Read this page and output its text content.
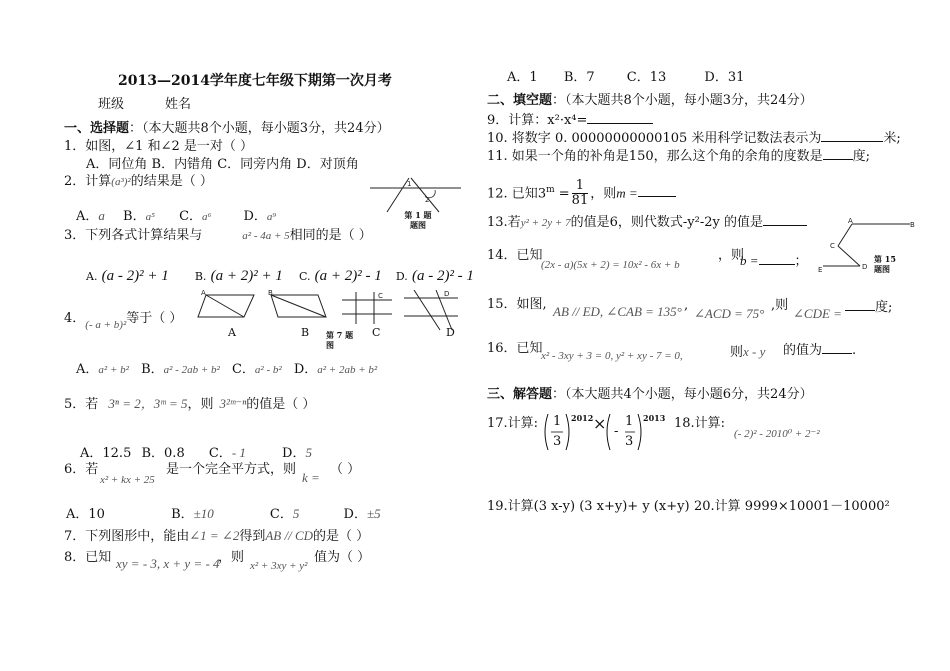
2013—2014学年度七年级下期第一次月考
班级	姓名
一、选择题：（本大题共8个小题，每小题3分，共24分）
1．如图，∠1 和∠2 是一对（ ）
A．同位角 B．内错角 C．同旁内角 D．对顶角
1
2
第 1 题
题图
2．计算(a³)²的结果是（ ）
A．a B．a⁵ C．a⁶ D．a⁹
3．下列各式计算结果与	a² - 4a + 5相同的是（ ）
A. (a - 2)² + 1 B. (a + 2)² + 1 C. (a + 2)² - 1 D. (a - 2)² - 1
4．$_{(- a + b)^2}$等于（ ）
A	B	C	D
A	B	C	D
第 7 题
图
A．a² + b² B．a² - 2ab + b² C．a² - b² D．a² + 2ab + b²
5．若 3ⁿ = 2，3ᵐ = 5，则 3²ᵐ⁻ⁿ的值是（ ）
A．12.5 B．0.8 C．- 1	D．5
6．若
x² + kx + 25
是一个完全平方式，则
k =
（ ）
A．10	B．±10	C．5	D．±5
7．下列图形中，能由∠1 = ∠2得到AB // CD的是（ ）
8．已知 xy = - 3, x + y = - 4
，则
x² + 3xy + y²
值为（ ）
A．1 B．7 C．13	D．31
二、填空题：（本大题共8个小题，每小题3分，共24分）
9．计算：x²·x⁴=
10. 将数字 0. 00000000000105 米用科学记数法表示为	米;
11. 如果一个角的补角是150，那么这个角的余角的度数是 度;
12. 已知$3^m = \frac{1}{81}$ ，则m =
13.若y² + 2y + 7的值是6，则代数式-y²-2y 的值是	A	B
C
D
E
第 15
题图
14．已知
(2x - a)(5x + 2) = 10x² - 6x + b
，则
b =	；
15．如图, AB // ED, ∠CAB = 135° ,
∠ACD = 75°
,则
∠CDE =	度;
16．已知
x² - 3xy + 3 = 0, y² + xy - 7 = 0,	则x - y 的值为 .
三、解答题：（本大题共4个小题，每小题6分，共24分）
17.计算: 1
3
2012 × -
1
3
2013 18.计算:
(- 2)² - 2010⁰ + 2⁻²
19.计算(3 x-y) (3 x+y)+ y (x+y) 20.计算 9999×10001－10000²
